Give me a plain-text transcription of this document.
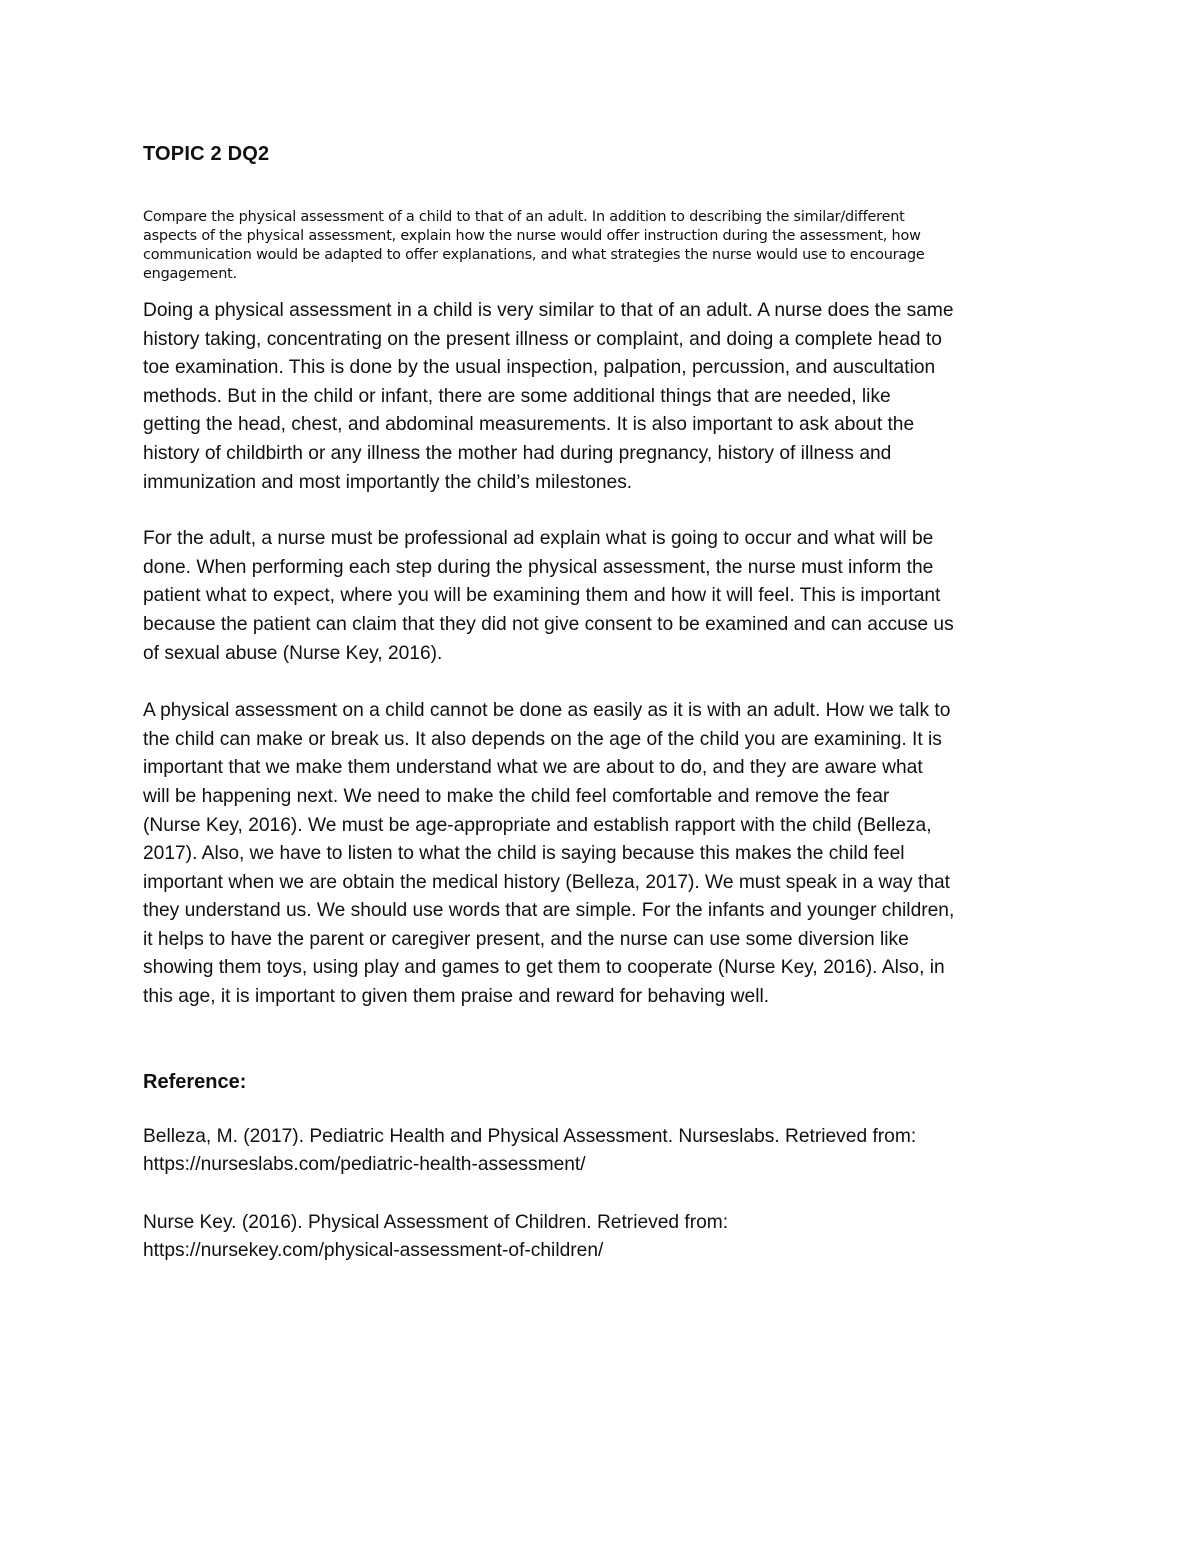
TOPIC 2 DQ2

Compare the physical assessment of a child to that of an adult. In addition to describing the similar/different
aspects of the physical assessment, explain how the nurse would offer instruction during the assessment, how
communication would be adapted to offer explanations, and what strategies the nurse would use to encourage
engagement.

Doing a physical assessment in a child is very similar to that of an adult. A nurse does the same
history taking, concentrating on the present illness or complaint, and doing a complete head to
toe examination. This is done by the usual inspection, palpation, percussion, and auscultation
methods. But in the child or infant, there are some additional things that are needed, like
getting the head, chest, and abdominal measurements. It is also important to ask about the
history of childbirth or any illness the mother had during pregnancy, history of illness and
immunization and most importantly the child’s milestones.

For the adult, a nurse must be professional ad explain what is going to occur and what will be
done. When performing each step during the physical assessment, the nurse must inform the
patient what to expect, where you will be examining them and how it will feel. This is important
because the patient can claim that they did not give consent to be examined and can accuse us
of sexual abuse (Nurse Key, 2016).

A physical assessment on a child cannot be done as easily as it is with an adult. How we talk to
the child can make or break us. It also depends on the age of the child you are examining. It is
important that we make them understand what we are about to do, and they are aware what
will be happening next. We need to make the child feel comfortable and remove the fear
(Nurse Key, 2016). We must be age-appropriate and establish rapport with the child (Belleza,
2017). Also, we have to listen to what the child is saying because this makes the child feel
important when we are obtain the medical history (Belleza, 2017). We must speak in a way that
they understand us. We should use words that are simple. For the infants and younger children,
it helps to have the parent or caregiver present, and the nurse can use some diversion like
showing them toys, using play and games to get them to cooperate (Nurse Key, 2016). Also, in
this age, it is important to given them praise and reward for behaving well.

Reference:

Belleza, M. (2017). Pediatric Health and Physical Assessment. Nurseslabs. Retrieved from:
https://nurseslabs.com/pediatric-health-assessment/

Nurse Key. (2016). Physical Assessment of Children. Retrieved from:
https://nursekey.com/physical-assessment-of-children/
